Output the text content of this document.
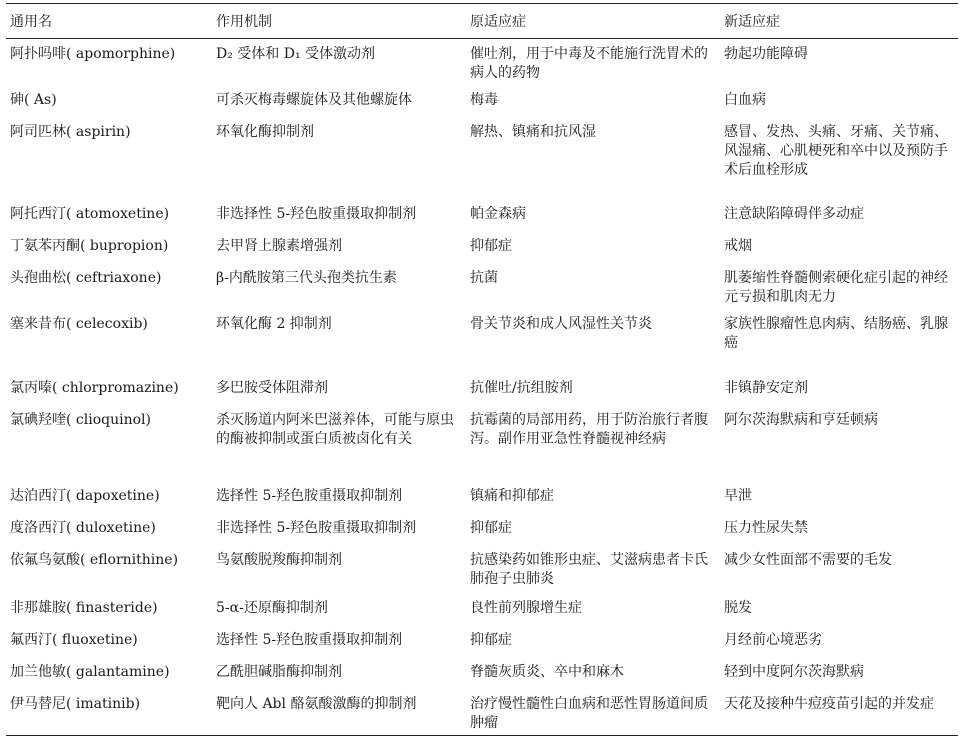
通用名	作用机制	原适应症	新适应症
阿扑吗啡( apomorphine)	D₂ 受体和 D₁ 受体激动剂	催吐剂，用于中毒及不能施行洗胃术的病人的药物	勃起功能障碍
砷( As)	可杀灭梅毒螺旋体及其他螺旋体	梅毒	白血病
阿司匹林( aspirin)	环氧化酶抑制剂	解热、镇痛和抗风湿	感冒、发热、头痛、牙痛、关节痛、风湿痛、心肌梗死和卒中以及预防手术后血栓形成
阿托西汀( atomoxetine)	非选择性 5-羟色胺重摄取抑制剂	帕金森病	注意缺陷障碍伴多动症
丁氨苯丙酮( bupropion)	去甲肾上腺素增强剂	抑郁症	戒烟
头孢曲松( ceftriaxone)	β-内酰胺第三代头孢类抗生素	抗菌	肌萎缩性脊髓侧索硬化症引起的神经元亏损和肌肉无力
塞来昔布( celecoxib)	环氧化酶 2 抑制剂	骨关节炎和成人风湿性关节炎	家族性腺瘤性息肉病、结肠癌、乳腺癌
氯丙嗪( chlorpromazine)	多巴胺受体阻滞剂	抗催吐/抗组胺剂	非镇静安定剂
氯碘羟喹( clioquinol)	杀灭肠道内阿米巴滋养体，可能与原虫的酶被抑制或蛋白质被卤化有关	抗霉菌的局部用药，用于防治旅行者腹泻。副作用亚急性脊髓视神经病	阿尔茨海默病和亨廷顿病
达泊西汀( dapoxetine)	选择性 5-羟色胺重摄取抑制剂	镇痛和抑郁症	早泄
度洛西汀( duloxetine)	非选择性 5-羟色胺重摄取抑制剂	抑郁症	压力性尿失禁
依氟鸟氨酸( eflornithine)	鸟氨酸脱羧酶抑制剂	抗感染药如锥形虫症、艾滋病患者卡氏肺孢子虫肺炎	减少女性面部不需要的毛发
非那雄胺( finasteride)	5-α-还原酶抑制剂	良性前列腺增生症	脱发
氟西汀( fluoxetine)	选择性 5-羟色胺重摄取抑制剂	抑郁症	月经前心境恶劣
加兰他敏( galantamine)	乙酰胆碱脂酶抑制剂	脊髓灰质炎、卒中和麻木	轻到中度阿尔茨海默病
伊马替尼( imatinib)	靶向人 Abl 酪氨酸激酶的抑制剂	治疗慢性髓性白血病和恶性胃肠道间质肿瘤	天花及接种牛痘疫苗引起的并发症
